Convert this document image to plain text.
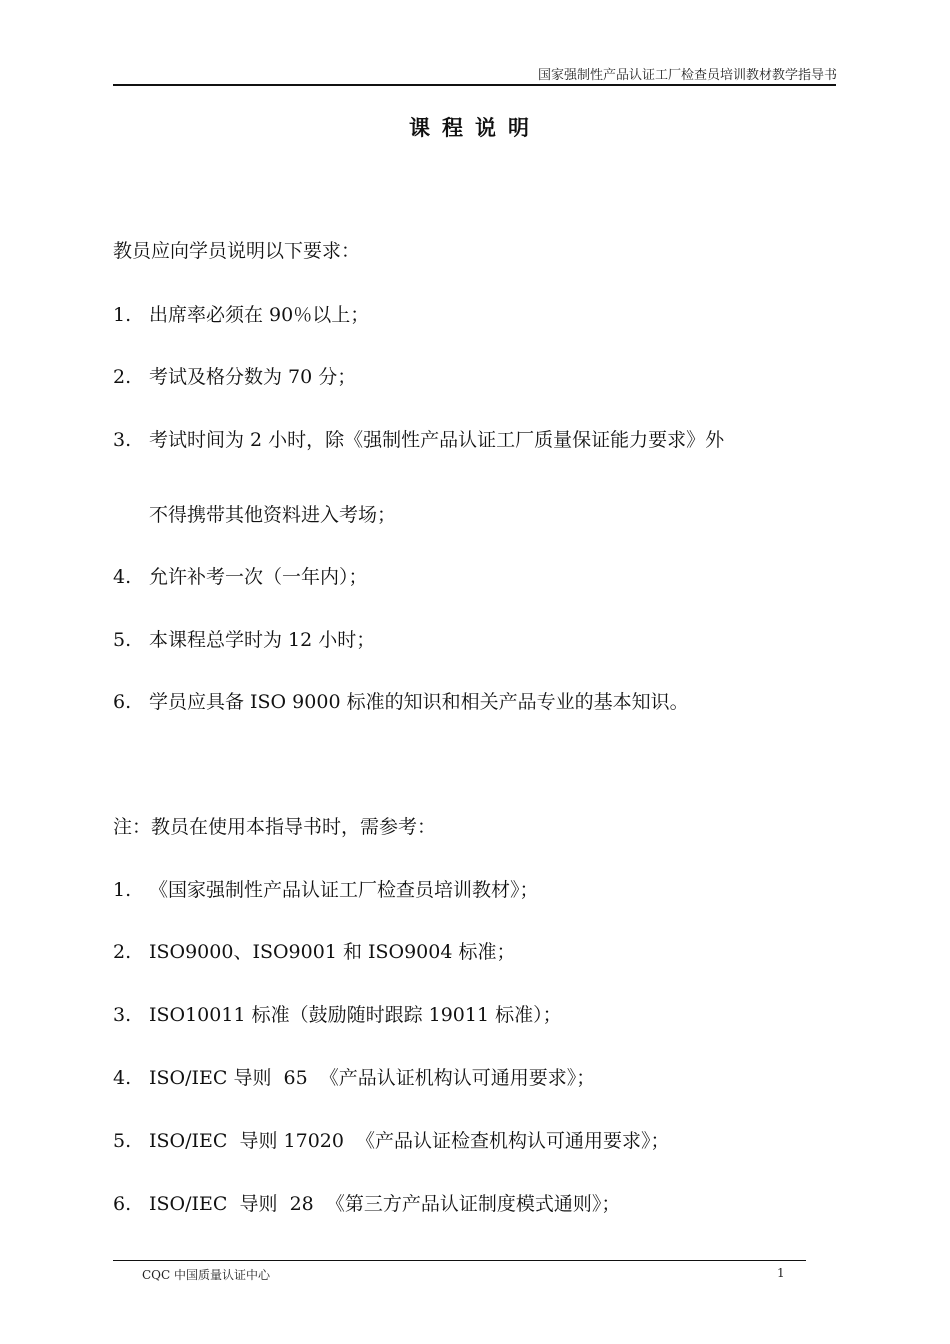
国家强制性产品认证工厂检查员培训教材教学指导书
课程说明
教员应向学员说明以下要求：
1. 出席率必须在 90％以上；
2. 考试及格分数为 70 分；
3. 考试时间为 2 小时，除《强制性产品认证工厂质量保证能力要求》外
不得携带其他资料进入考场；
4. 允许补考一次（一年内）；
5. 本课程总学时为 12 小时；
6. 学员应具备 ISO 9000 标准的知识和相关产品专业的基本知识。
注：教员在使用本指导书时，需参考：
1. 《国家强制性产品认证工厂检查员培训教材》；
2. ISO9000、ISO9001 和 ISO9004 标准；
3. ISO10011 标准（鼓励随时跟踪 19011 标准）；
4. ISO/IEC 导则  65  《产品认证机构认可通用要求》；
5. ISO/IEC  导则 17020  《产品认证检查机构认可通用要求》；
6. ISO/IEC  导则  28  《第三方产品认证制度模式通则》；
CQC 中国质量认证中心	1
